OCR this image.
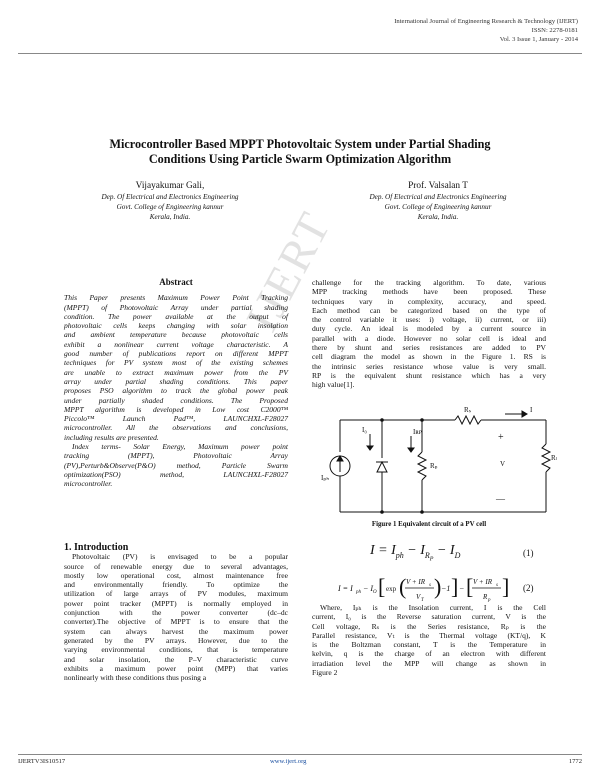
International Journal of Engineering Research & Technology (IJERT)
ISSN: 2278-0181
Vol. 3 Issue 1, January - 2014
IJERT
Microcontroller Based MPPT Photovoltaic System under Partial Shading
Conditions Using Particle Swarm Optimization Algorithm
Vijayakumar Gali,
Dep. Of Electrical and Electronics Engineering
Govt. College of Engineering kannur
Kerala, India.
Prof. Valsalan T
Dep. Of Electrical and Electronics Engineering
Govt. College of Engineering kannur
Kerala, India.
Abstract
This Paper presents Maximum Power Point Tracking
(MPPT) of Photovoltaic Array under partial shading
condition. The power available at the output of
photovoltaic cells keeps changing with solar insolation
and ambient temperature because photovoltaic cells
exhibit a nonlinear current voltage characteristic. A
good number of publications report on different MPPT
techniques for PV system most of the existing schemes
are unable to extract maximum power from the PV
array under partial shading conditions. This paper
proposes PSO algorithm to track the global power peak
under partially shaded conditions. The Proposed
MPPT algorithm is developed in Low cost C2000™
Piccolo™ Launch Pad™, LAUNCHXL-F28027
microcontroller. All the observations and conclusions,
including results are presented.
Index terms- Solar Energy, Maximum power point
tracking (MPPT), Photovoltaic Array
(PV),Perturb&Observe(P&O) method, Particle Swarm
optimization(PSO) method, LAUNCHXL-F28027
microcontroller.
1. Introduction
Photovoltaic (PV) is envisaged to be a popular
source of renewable energy due to several advantages,
mostly low operational cost, almost maintenance free
and environmentally friendly. To optimize the
utilization of large arrays of PV modules, maximum
power point tracker (MPPT) is normally employed in
conjunction with the power converter (dc–dc
converter).The objective of MPPT is to ensure that the
system can always harvest the maximum power
generated by the PV arrays. However, due to the
varying environmental conditions, that is temperature
and solar insolation, the P–V characteristic curve
exhibits a maximum power point (MPP) that varies
nonlinearly with these conditions thus posing a
challenge for the tracking algorithm. To date, various
MPP tracking methods have been proposed. These
techniques vary in complexity, accuracy, and speed.
Each method can be categorized based on the type of
the control variable it uses: i) voltage, ii) current, or iii)
duty cycle. An ideal is modeled by a current source in
parallel with a diode. However no solar cell is ideal and
there by shunt and series resistances are added to PV
cell diagram the model as shown in the Figure 1. RS is
the intrinsic series resistance whose value is very small.
RP is the equivalent shunt resistance which has a very
high value[1].
Rₛ	I
I₀	Iʀᴘ
Iₚₕ
Rₚ	V
Rₗ
+
—
Figure 1 Equivalent circuit of a PV cell
$I = I_{ph} - I_{R_P} - I_D$	(1)
I = I ph − I O [ exp ( V + IR s
V T
) −1 ] − [ V + IR s
R p
] (2)
Where, Iₚₕ is the Insolation current, I is the Cell
current, I₀ is the Reverse saturation current, V is the
Cell voltage, Rₛ is the Series resistance, Rₚ is the
Parallel resistance, Vₜ is the Thermal voltage (KT/q), K
is the Boltzman constant, T is the Temperature in
kelvin, q is the charge of an electron with different
irradiation level the MPP will change as shown in
Figure 2
IJERTV3IS10517	www.ijert.org	1772
